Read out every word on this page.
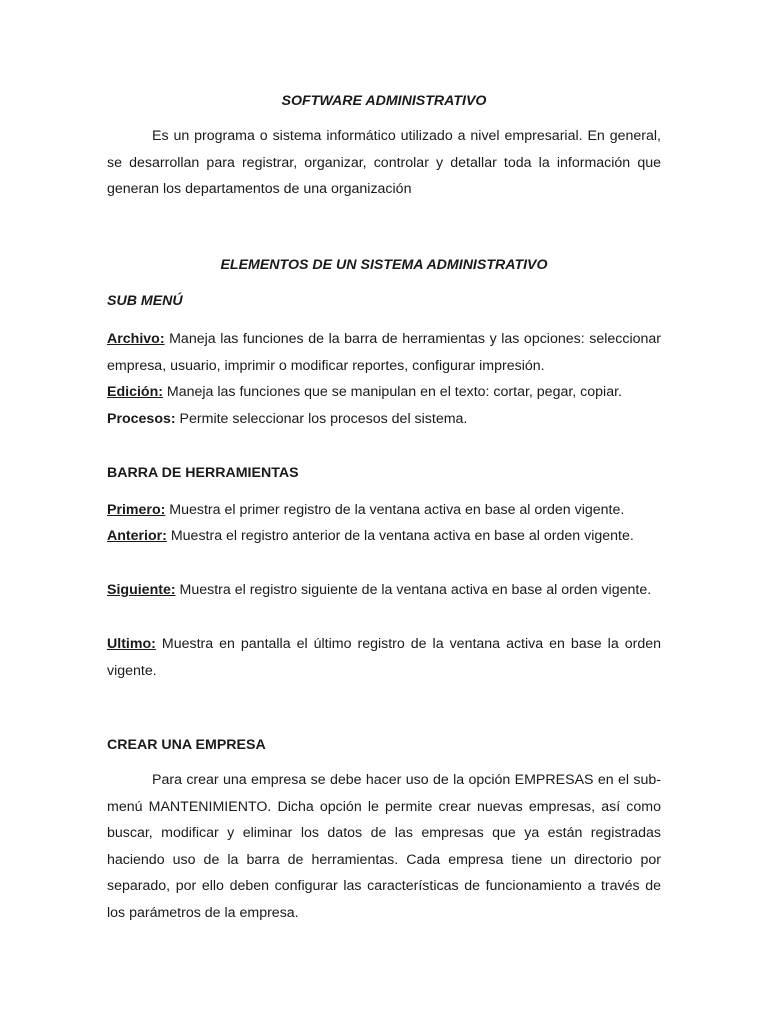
SOFTWARE ADMINISTRATIVO

Es un programa o sistema informático utilizado a nivel empresarial. En general, se desarrollan para registrar, organizar, controlar y detallar toda la información que generan los departamentos de una organización

ELEMENTOS DE UN SISTEMA ADMINISTRATIVO

SUB MENÚ

Archivo: Maneja las funciones de la barra de herramientas y las opciones: seleccionar empresa, usuario, imprimir o modificar reportes, configurar impresión.

Edición: Maneja las funciones que se manipulan en el texto: cortar, pegar, copiar.

Procesos: Permite seleccionar los procesos del sistema.

BARRA DE HERRAMIENTAS

Primero: Muestra el primer registro de la ventana activa en base al orden vigente.

Anterior: Muestra el registro anterior de la ventana activa en base al orden vigente.

Siguiente: Muestra el registro siguiente de la ventana activa en base al orden vigente.

Ultimo: Muestra en pantalla el último registro de la ventana activa en base la orden vigente.

CREAR UNA EMPRESA

Para crear una empresa se debe hacer uso de la opción EMPRESAS en el sub-menú MANTENIMIENTO. Dicha opción le permite crear nuevas empresas, así como buscar, modificar y eliminar los datos de las empresas que ya están registradas haciendo uso de la barra de herramientas. Cada empresa tiene un directorio por separado, por ello deben configurar las características de funcionamiento a través de los parámetros de la empresa.
